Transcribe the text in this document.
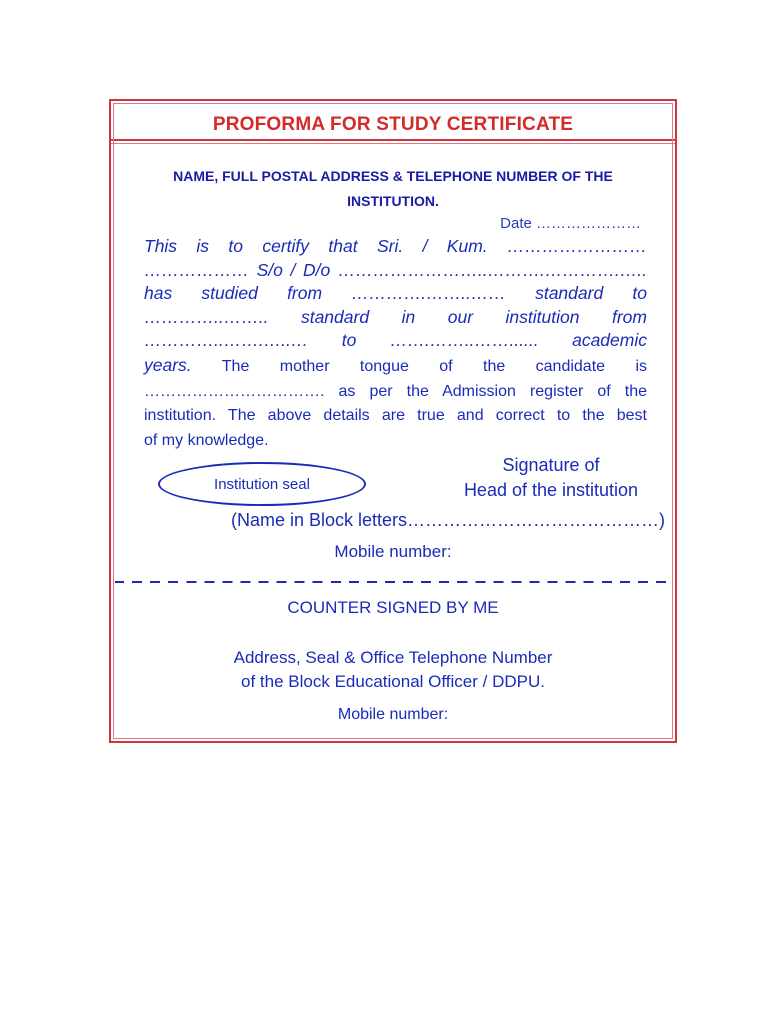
PROFORMA FOR STUDY CERTIFICATE
NAME, FULL POSTAL ADDRESS & TELEPHONE NUMBER OF THE
INSTITUTION.
Date …………………
This is to certify that Sri. / Kum. ……………………
……………… S/o / D/o ……………………..……….………….…..
has studied from ………….……..…… standard to
…………..…….. standard in our institution from
…………..…….…..… to …….……..……...... academic
years. The mother tongue of the candidate is
……………………………. as per the Admission register of the
institution. The above details are true and correct to the best
of my knowledge.
Institution seal
Signature of
Head of the institution
(Name in Block letters……………………………………)
Mobile number:
COUNTER SIGNED BY ME
Address, Seal & Office Telephone Number
of the Block Educational Officer / DDPU.
Mobile number:
